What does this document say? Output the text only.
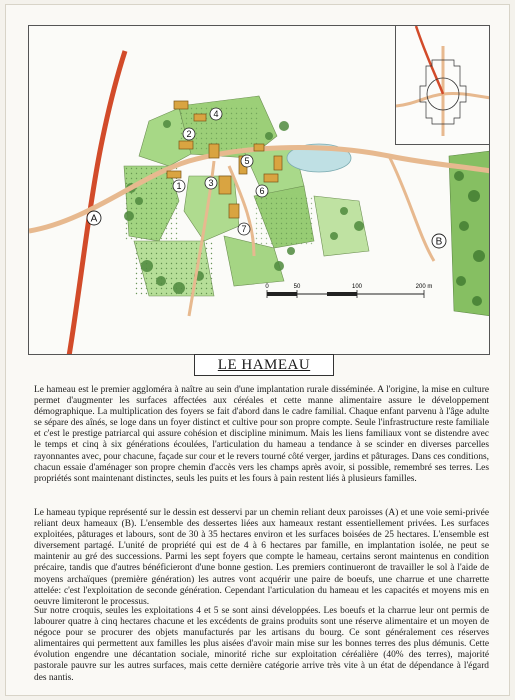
1
2
3
4
5
6
7
A
B
0	50	100	200 m
LE HAMEAU

Le hameau est le premier aggloméra à naître au sein d'une implantation rurale disséminée. A l'origine, la mise en culture permet d'augmenter les surfaces affectées aux céréales et cette manne alimentaire assure le développement démographique. La multiplication des foyers se fait d'abord dans le cadre familial. Chaque enfant parvenu à l'âge adulte se sépare des aînés, se loge dans un foyer distinct et cultive pour son propre compte. Seule l'infrastructure reste familiale et c'est le prestige patriarcal qui assure cohésion et discipline minimum. Mais les liens familiaux vont se distendre avec le temps et cinq à six générations écoulées, l'articulation du hameau a tendance à se scinder en diverses parcelles rayonnantes avec, pour chacune, façade sur cour et le revers tourné côté verger, jardins et pâturages. Dans ces conditions, chacun essaie d'aménager son propre chemin d'accès vers les champs après avoir, si possible, remembré ses terres. Les propriétés sont maintenant distinctes, seuls les puits et les fours à pain restent liés à plusieurs familles.

Le hameau typique représenté sur le dessin est desservi par un chemin reliant deux paroisses (A) et une voie semi-privée reliant deux hameaux (B). L'ensemble des dessertes liées aux hameaux restant essentiellement privées. Les surfaces exploitées, pâturages et labours, sont de 30 à 35 hectares environ et les surfaces boisées de 25 hectares. L'ensemble est diversement partagé. L'unité de propriété qui est de 4 à 6 hectares par famille, en implantation isolée, ne peut se maintenir au gré des successions. Parmi les sept foyers que compte le hameau, certains seront maintenus en condition précaire, tandis que d'autres bénéficieront d'une bonne gestion. Les premiers continueront de travailler le sol à l'aide de moyens archaïques (première génération) les autres vont acquérir une paire de boeufs, une charrue et une charrette attelée: c'est l'exploitation de seconde génération. Cependant l'articulation du hameau et les capacités et moyens mis en oeuvre limiteront le processus.

Sur notre croquis, seules les exploitations 4 et 5 se sont ainsi développées. Les boeufs et la charrue leur ont permis de labourer quatre à cinq hectares chacune et les excédents de grains produits sont une réserve alimentaire et un moyen de négoce pour se procurer des objets manufacturés par les artisans du bourg. Ce sont généralement ces réserves alimentaires qui permettent aux familles les plus aisées d'avoir main mise sur les bonnes terres des plus démunis. Cette évolution engendre une décantation sociale, minorité riche sur exploitation céréalière (40% des terres), majorité pastorale pauvre sur les autres surfaces, mais cette dernière catégorie arrive très vite à un état de dépendance à l'égard des nantis.
